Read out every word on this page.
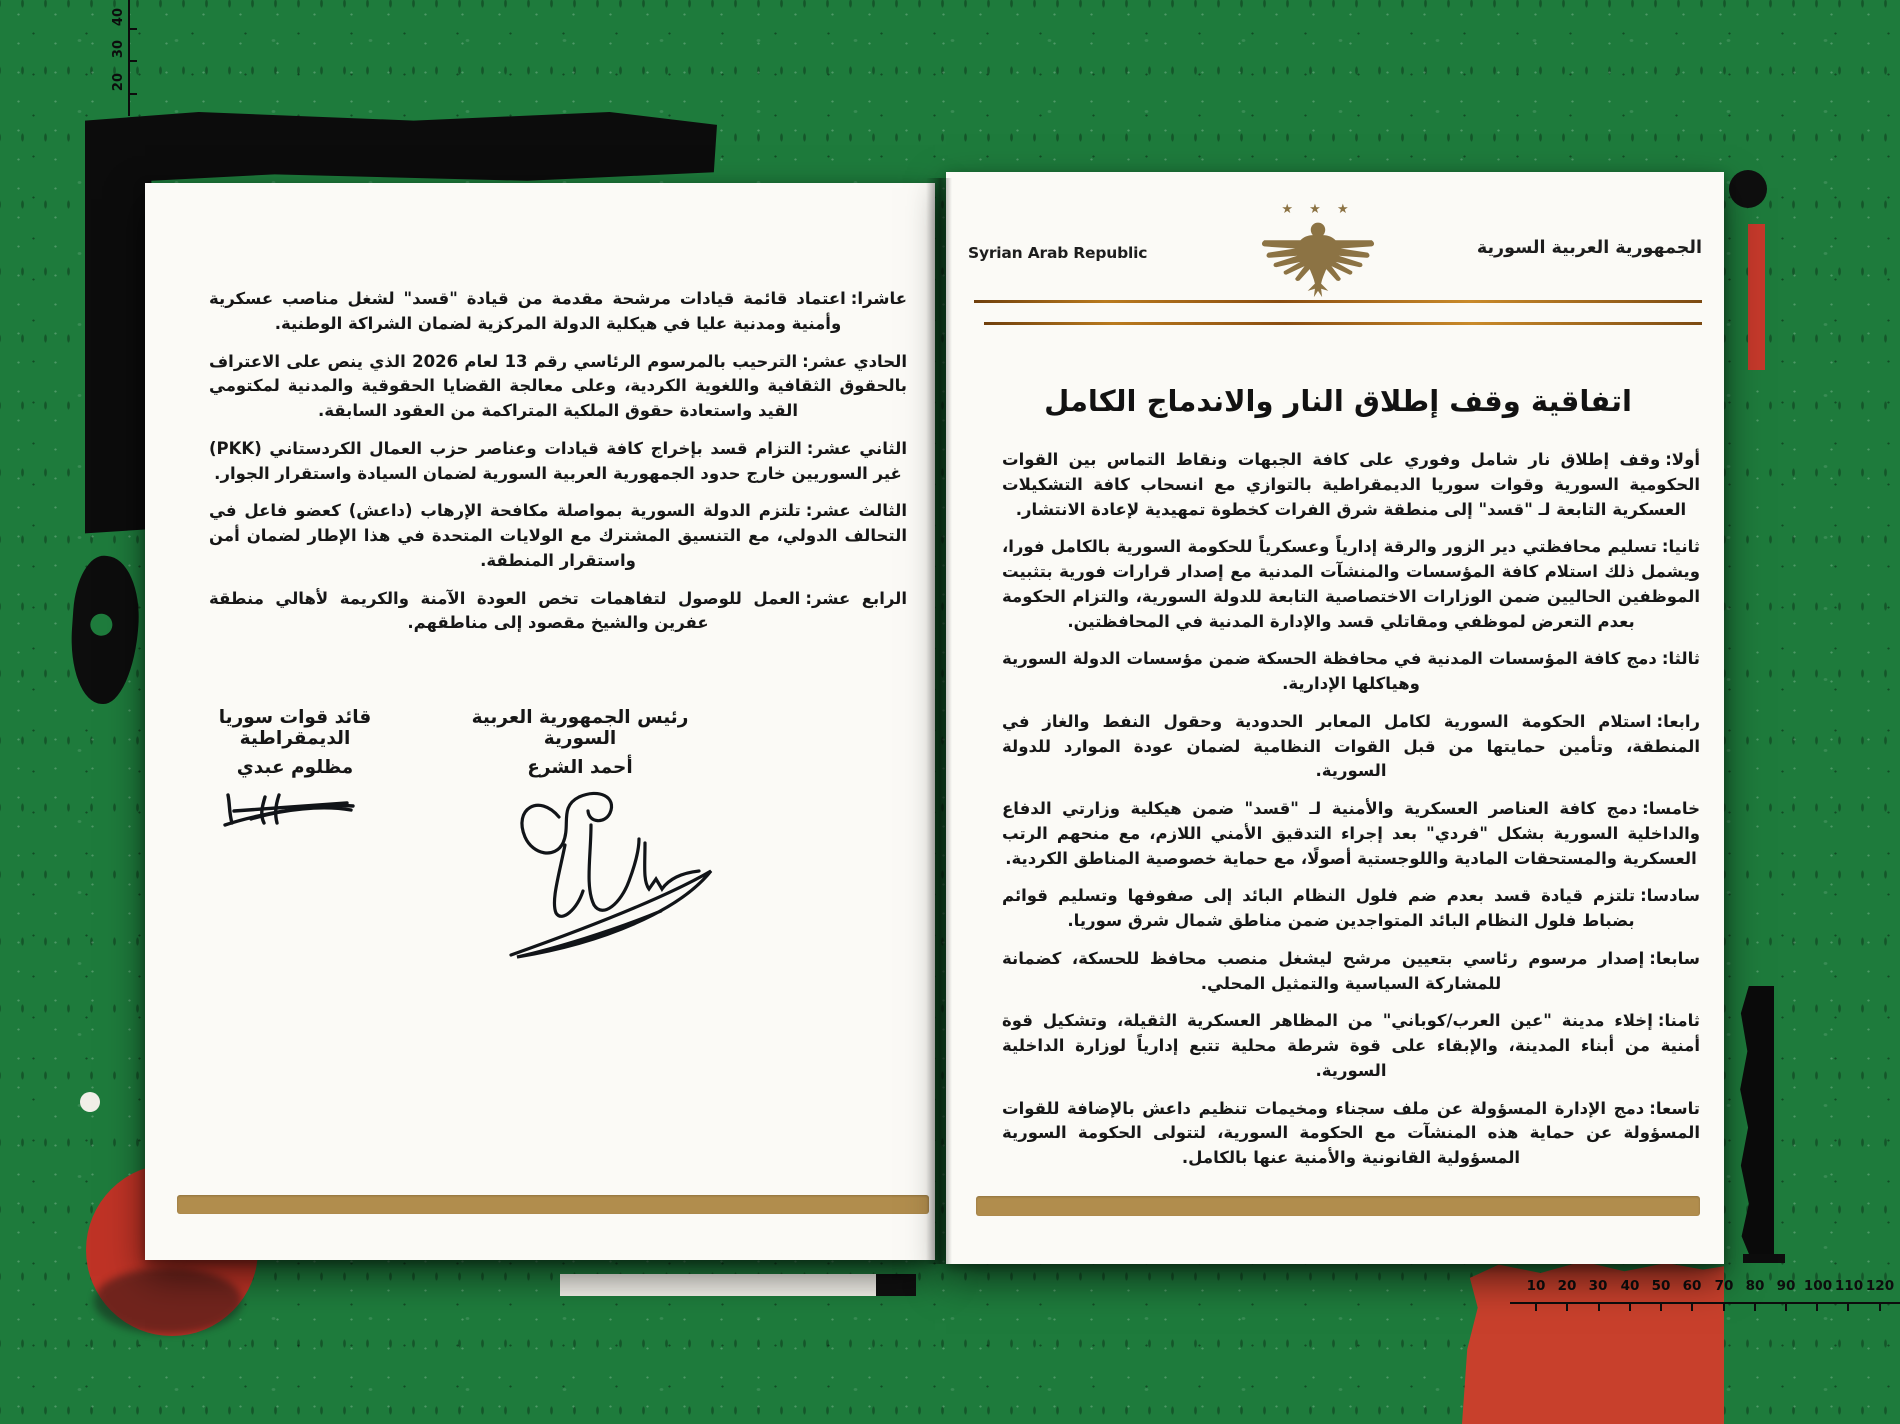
40
30
20
10 20 30 40 50 60 70 80 90 100 110 120

عاشرا:اعتماد قائمة قيادات مرشحة مقدمة من قيادة "قسد" لشغل مناصب عسكرية وأمنية ومدنية عليا في هيكلية الدولة المركزية لضمان الشراكة الوطنية.

الحادي عشر:الترحيب بالمرسوم الرئاسي رقم 13 لعام 2026 الذي ينص على الاعتراف بالحقوق الثقافية واللغوية الكردية، وعلى معالجة القضايا الحقوقية والمدنية لمكتومي القيد واستعادة حقوق الملكية المتراكمة من العقود السابقة.

الثاني عشر:التزام قسد بإخراج كافة قيادات وعناصر حزب العمال الكردستاني (PKK) غير السوريين خارج حدود الجمهورية العربية السورية لضمان السيادة واستقرار الجوار.

الثالث عشر:تلتزم الدولة السورية بمواصلة مكافحة الإرهاب (داعش) كعضو فاعل في التحالف الدولي، مع التنسيق المشترك مع الولايات المتحدة في هذا الإطار لضمان أمن واستقرار المنطقة.

الرابع عشر:العمل للوصول لتفاهمات تخص العودة الآمنة والكريمة لأهالي منطقة عفرين والشيخ مقصود إلى مناطقهم.

رئيس الجمهورية العربية السورية
أحمد الشرع
قائد قوات سوريا الديمقراطية
مظلوم عبدي
Syrian Arab Republic	الجمهورية العربية السورية
★ ★ ★
اتفاقية وقف إطلاق النار والاندماج الكامل

أولا:وقف إطلاق نار شامل وفوري على كافة الجبهات ونقاط التماس بين القوات الحكومية السورية وقوات سوريا الديمقراطية بالتوازي مع انسحاب كافة التشكيلات العسكرية التابعة لـ "قسد" إلى منطقة شرق الفرات كخطوة تمهيدية لإعادة الانتشار.

ثانيا:تسليم محافظتي دير الزور والرقة إدارياً وعسكرياً للحكومة السورية بالكامل فورا، ويشمل ذلك استلام كافة المؤسسات والمنشآت المدنية مع إصدار قرارات فورية بتثبيت الموظفين الحاليين ضمن الوزارات الاختصاصية التابعة للدولة السورية، والتزام الحكومة بعدم التعرض لموظفي ومقاتلي قسد والإدارة المدنية في المحافظتين.

ثالثا:دمج كافة المؤسسات المدنية في محافظة الحسكة ضمن مؤسسات الدولة السورية وهياكلها الإدارية.

رابعا:استلام الحكومة السورية لكامل المعابر الحدودية وحقول النفط والغاز في المنطقة، وتأمين حمايتها من قبل القوات النظامية لضمان عودة الموارد للدولة السورية.

خامسا:دمج كافة العناصر العسكرية والأمنية لـ "قسد" ضمن هيكلية وزارتي الدفاع والداخلية السورية بشكل "فردي" بعد إجراء التدقيق الأمني اللازم، مع منحهم الرتب العسكرية والمستحقات المادية واللوجستية أصولًا، مع حماية خصوصية المناطق الكردية.

سادسا:تلتزم قيادة قسد بعدم ضم فلول النظام البائد إلى صفوفها وتسليم قوائم بضباط فلول النظام البائد المتواجدين ضمن مناطق شمال شرق سوريا.

سابعا:إصدار مرسوم رئاسي بتعيين مرشح ليشغل منصب محافظ للحسكة، كضمانة للمشاركة السياسية والتمثيل المحلي.

ثامنا:إخلاء مدينة "عين العرب/كوباني" من المظاهر العسكرية الثقيلة، وتشكيل قوة أمنية من أبناء المدينة، والإبقاء على قوة شرطة محلية تتبع إدارياً لوزارة الداخلية السورية.

تاسعا:دمج الإدارة المسؤولة عن ملف سجناء ومخيمات تنظيم داعش بالإضافة للقوات المسؤولة عن حماية هذه المنشآت مع الحكومة السورية، لتتولى الحكومة السورية المسؤولية القانونية والأمنية عنها بالكامل.
